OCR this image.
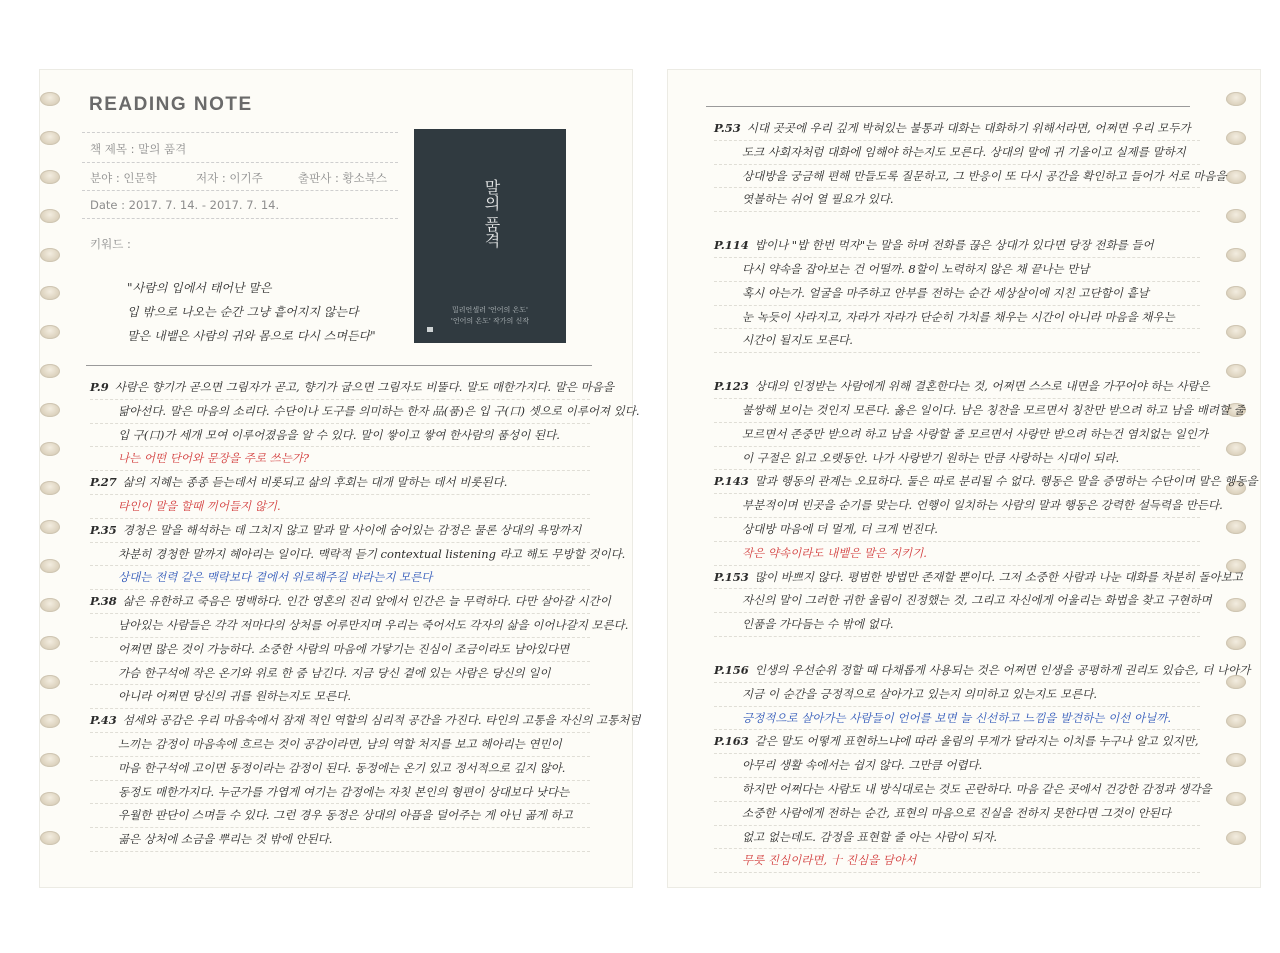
READING NOTE
책 제목 : 말의 품격
분야 : 인문학	저자 : 이기주	출판사 : 황소북스
Date : 2017. 7. 14. - 2017. 7. 14.
키워드 :	말의 품격
밀리언셀러 '언어의 온도'
'언어의 온도' 작가의 신작
"사람의 입에서 태어난 말은
입 밖으로 나오는 순간 그냥 흩어지지 않는다
말은 내뱉은 사람의 귀와 몸으로 다시 스며든다"
P.9 사람은 향기가 곧으면 그림자가 곧고, 향기가 굽으면 그림자도 비뚤다. 말도 매한가지다. 말은 마음을
닮아선다. 말은 마음의 소리다. 수단이나 도구를 의미하는 한자 品(품)은 입 구(口) 셋으로 이루어져 있다.
입 구(口)가 세개 모여 이루어졌음을 알 수 있다. 말이 쌓이고 쌓여 한사람의 품성이 된다.
나는 어떤 단어와 문장을 주로 쓰는가?
P.27 삶의 지혜는 종종 듣는데서 비롯되고 삶의 후회는 대개 말하는 데서 비롯된다.
타인이 말을 할때 끼어들지 않기.
P.35 경청은 말을 해석하는 데 그치지 않고 말과 말 사이에 숨어있는 감정은 물론 상대의 욕망까지
차분히 경청한 말까지 헤아리는 일이다. 맥락적 듣기 contextual listening 라고 해도 무방할 것이다.
상대는 전력 같은 맥락보다 곁에서 위로해주길 바라는지 모른다
P.38 삶은 유한하고 죽음은 명백하다. 인간 영혼의 진리 앞에서 인간은 늘 무력하다. 다만 살아갈 시간이
남아있는 사람들은 각각 저마다의 상처를 어루만지며 우리는 죽어서도 각자의 삶을 이어나갈지 모른다.
어쩌면 많은 것이 가능하다. 소중한 사람의 마음에 가닿기는 진심이 조금이라도 남아있다면
가슴 한구석에 작은 온기와 위로 한 줌 남긴다. 지금 당신 곁에 있는 사람은 당신의 일이
아니라 어쩌면 당신의 귀를 원하는지도 모른다.
P.43 섬세와 공감은 우리 마음속에서 잠재 적인 역할의 심리적 공간을 가진다. 타인의 고통을 자신의 고통처럼
느끼는 감정이 마음속에 흐르는 것이 공감이라면, 남의 역할 처지를 보고 헤아리는 연민이
마음 한구석에 고이면 동정이라는 감정이 된다. 동정에는 온기 있고 정서적으로 깊지 않아.
동정도 매한가지다. 누군가를 가엽게 여기는 감정에는 자칫 본인의 형편이 상대보다 낫다는
우월한 판단이 스며들 수 있다. 그런 경우 동정은 상대의 아픔을 덜어주는 게 아닌 곪게 하고
곪은 상처에 소금을 뿌리는 것 밖에 안된다.
P.53 시대 곳곳에 우리 깊게 박혀있는 불통과 대화는 대화하기 위해서라면, 어쩌면 우리 모두가
도크 사회자처럼 대화에 임해야 하는지도 모른다. 상대의 말에 귀 기울이고 실제를 말하지
상대방을 궁금해 편해 만들도록 질문하고, 그 반응이 또 다시 공간을 확인하고 들어가 서로 마음을
엿볼하는 쉬어 열 필요가 있다.
P.114 밥이나 "밥 한번 먹자"는 말을 하며 전화를 끊은 상대가 있다면 당장 전화를 들어
다시 약속을 잡아보는 건 어떨까. 8할이 노력하지 않은 채 끝나는 만남
혹시 아는가. 얼굴을 마주하고 안부를 전하는 순간 세상살이에 지친 고단함이 흩날
눈 녹듯이 사라지고, 자라가 자라가 단순히 가치를 채우는 시간이 아니라 마음을 채우는
시간이 될지도 모른다.
P.123 상대의 인정받는 사람에게 위해 결혼한다는 것, 어쩌면 스스로 내면을 가꾸어야 하는 사람은
불쌍해 보이는 것인지 모른다. 옳은 일이다. 남은 칭찬을 모르면서 칭찬만 받으려 하고 남을 배려할 줄
모르면서 존중만 받으려 하고 남을 사랑할 줄 모르면서 사랑만 받으려 하는건 염치없는 일인가
이 구절은 읽고 오랫동안. 나가 사랑받기 원하는 만큼 사랑하는 시대이 되라.
P.143 말과 행동의 관계는 오묘하다. 둘은 따로 분리될 수 없다. 행동은 말을 증명하는 수단이며 말은 행동을
부분적이며 빈곳을 순기를 맞는다. 언행이 일치하는 사람의 말과 행동은 강력한 설득력을 만든다.
상대방 마음에 더 멀게, 더 크게 번진다.
작은 약속이라도 내뱉은 말은 지키기.
P.153 많이 바쁘지 않다. 평범한 방법만 존재할 뿐이다. 그저 소중한 사람과 나눈 대화를 차분히 돌아보고
자신의 말이 그러한 귀한 울림이 진정했는 것, 그리고 자신에게 어울리는 화법을 찾고 구현하며
인품을 가다듬는 수 밖에 없다.
P.156 인생의 우선순위 정할 때 다채롭게 사용되는 것은 어쩌면 인생을 공평하게 권리도 있습은, 더 나아가
지금 이 순간을 긍정적으로 살아가고 있는지 의미하고 있는지도 모른다.
긍정적으로 살아가는 사람들이 언어를 보면 늘 신선하고 느낌을 발견하는 이선 아닐까.
P.163 같은 말도 어떻게 표현하느냐에 따라 울림의 무게가 달라지는 이치를 누구나 알고 있지만,
아무리 생활 속에서는 쉽지 않다. 그만큼 어렵다.
하지만 어쩌다는 사람도 내 방식대로는 것도 곤란하다. 마음 같은 곳에서 건강한 감정과 생각을
소중한 사람에게 전하는 순간, 표현의 마음으로 진실을 전하지 못한다면 그것이 안된다
없고 없는데도. 감정을 표현할 줄 아는 사람이 되자.
무릇 진심이라면, 十 진심을 담아서
